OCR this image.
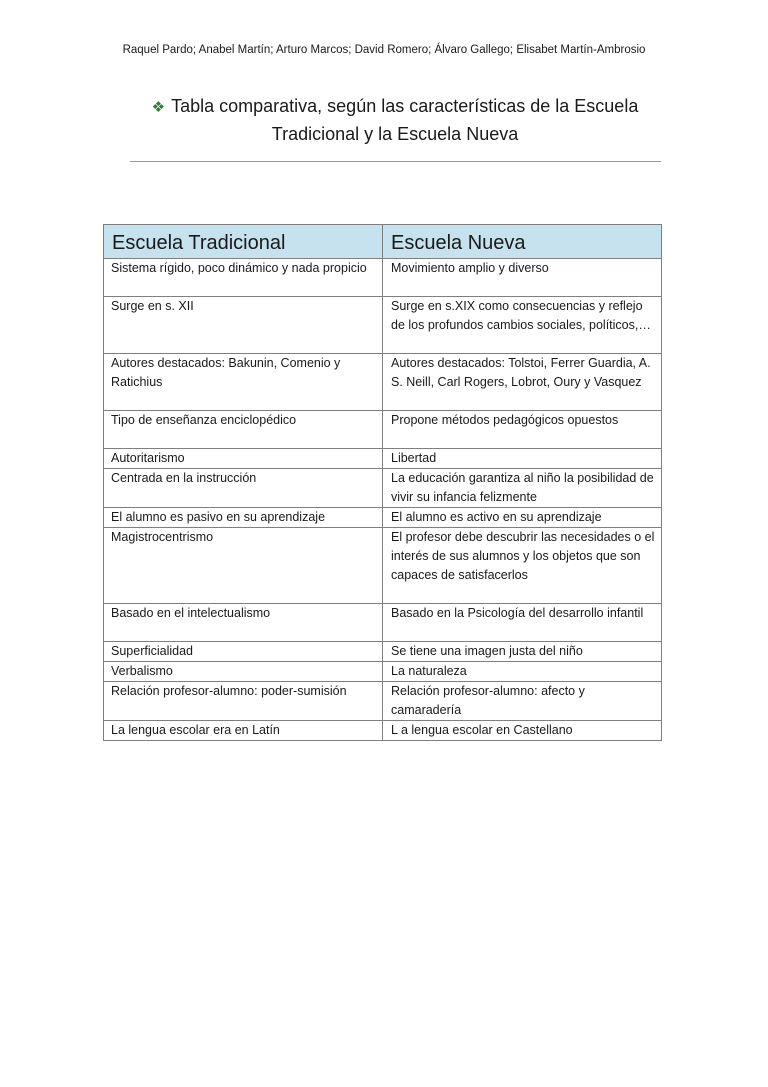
Raquel Pardo; Anabel Martín; Arturo Marcos; David Romero; Álvaro Gallego; Elisabet Martín-Ambrosio
❖ Tabla comparativa, según las características de la Escuela
Tradicional y la Escuela Nueva
Escuela Tradicional	Escuela Nueva
Sistema rígido, poco dinámico y nada propicio	Movimiento amplio y diverso
Surge en s. XII	Surge en s.XIX como consecuencias y reflejo de los profundos cambios sociales, políticos,…
Autores destacados: Bakunin, Comenio y Ratichius	Autores destacados: Tolstoi, Ferrer Guardia, A. S. Neill, Carl Rogers, Lobrot, Oury y Vasquez
Tipo de enseñanza enciclopédico	Propone métodos pedagógicos opuestos
Autoritarismo	Libertad
Centrada en la instrucción	La educación garantiza al niño la posibilidad de vivir su infancia felizmente
El alumno es pasivo en su aprendizaje	El alumno es activo en su aprendizaje
Magistrocentrismo	El profesor debe descubrir las necesidades o el interés de sus alumnos y los objetos que son capaces de satisfacerlos
Basado en el intelectualismo	Basado en la Psicología del desarrollo infantil
Superficialidad	Se tiene una imagen justa del niño
Verbalismo	La naturaleza
Relación profesor-alumno: poder-sumisión	Relación profesor-alumno: afecto y camaradería
La lengua escolar era en Latín	L a lengua escolar en Castellano
